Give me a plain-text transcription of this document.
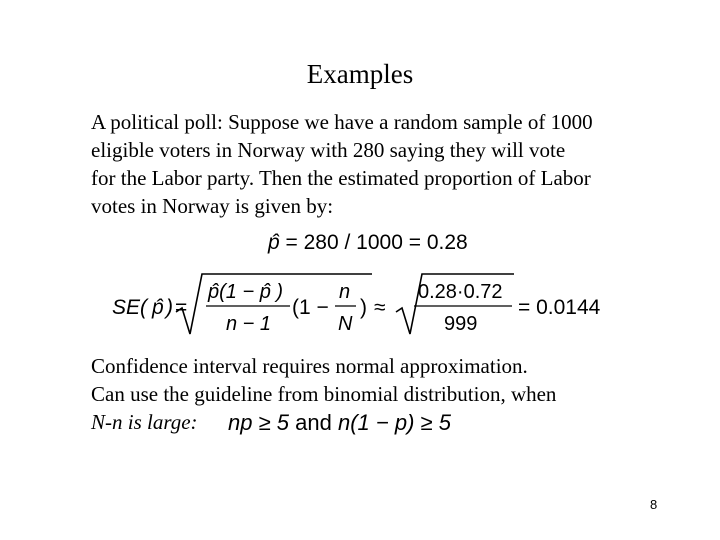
Examples
A political poll: Suppose we have a random sample of 1000
eligible voters in Norway with 280 saying they will vote
for the Labor party. Then the estimated proportion of Labor
votes in Norway is given by:
p̂ = 280 / 1000 = 0.28
SE( p̂ ) =
p̂(1 − p̂ )
n − 1
(1 −
n
N
) ≈
0.28·0.72
999
= 0.0144
Confidence interval requires normal approximation.
Can use the guideline from binomial distribution, when
N-n is large:	np ≥ 5 and n(1 − p) ≥ 5
8
